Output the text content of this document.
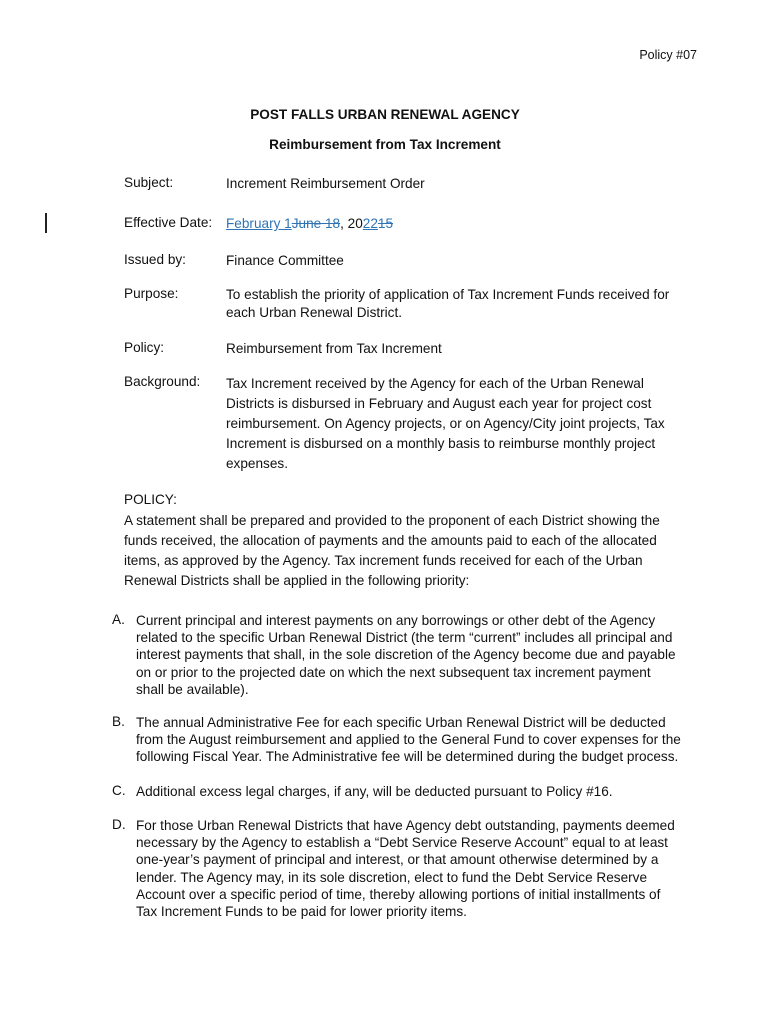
Policy #07
POST FALLS URBAN RENEWAL AGENCY
Reimbursement from Tax Increment
Subject:	Increment Reimbursement Order
Effective Date: February 1June 18, 202215
Issued by:	Finance Committee
Purpose:	To establish the priority of application of Tax Increment Funds received for
each Urban Renewal District.
Policy:	Reimbursement from Tax Increment
Background: Tax Increment received by the Agency for each of the Urban Renewal
Districts is disbursed in February and August each year for project cost
reimbursement. On Agency projects, or on Agency/City joint projects, Tax
Increment is disbursed on a monthly basis to reimburse monthly project
expenses.
POLICY:
A statement shall be prepared and provided to the proponent of each District showing the
funds received, the allocation of payments and the amounts paid to each of the allocated
items, as approved by the Agency. Tax increment funds received for each of the Urban
Renewal Districts shall be applied in the following priority:
A. Current principal and interest payments on any borrowings or other debt of the Agency
related to the specific Urban Renewal District (the term “current” includes all principal and
interest payments that shall, in the sole discretion of the Agency become due and payable
on or prior to the projected date on which the next subsequent tax increment payment
shall be available).
B. The annual Administrative Fee for each specific Urban Renewal District will be deducted
from the August reimbursement and applied to the General Fund to cover expenses for the
following Fiscal Year. The Administrative fee will be determined during the budget process.
C. Additional excess legal charges, if any, will be deducted pursuant to Policy #16.
D. For those Urban Renewal Districts that have Agency debt outstanding, payments deemed
necessary by the Agency to establish a “Debt Service Reserve Account” equal to at least
one-year’s payment of principal and interest, or that amount otherwise determined by a
lender. The Agency may, in its sole discretion, elect to fund the Debt Service Reserve
Account over a specific period of time, thereby allowing portions of initial installments of
Tax Increment Funds to be paid for lower priority items.
